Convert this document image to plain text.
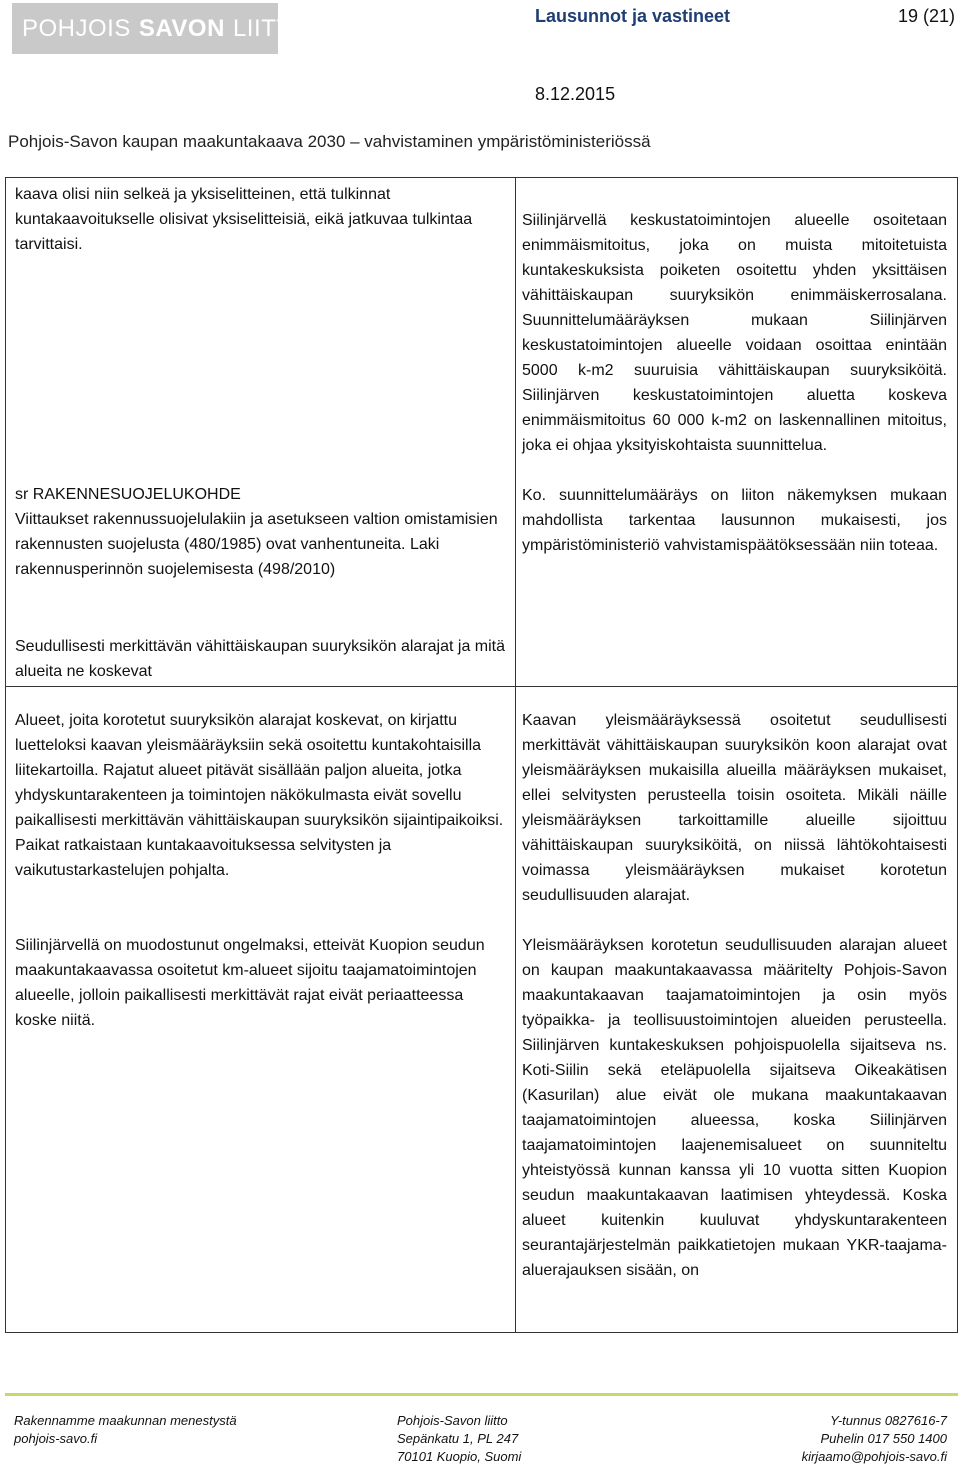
POHJOIS SAVON LIITTO	Lausunnot ja vastineet	19 (21)
8.12.2015
Pohjois-Savon kaupan maakuntakaava 2030 – vahvistaminen ympäristöministeriössä

kaava olisi niin selkeä ja yksiselitteinen, että tulkinnat kuntakaavoitukselle olisivat yksiselitteisiä, eikä jatkuvaa tulkintaa tarvittaisi.

sr RAKENNESUOJELUKOHDE

Viittaukset rakennussuojelulakiin ja asetukseen valtion omistamisien rakennusten suojelusta (480/1985) ovat vanhentuneita. Laki rakennusperinnön suojelemisesta (498/2010)

Siilinjärvellä keskustatoimintojen alueelle osoitetaan enimmäismitoitus, joka on muista mitoitetuista kuntakeskuksista poiketen osoitettu yhden yksittäisen vähittäiskaupan suuryksikön enimmäiskerrosalana. Suunnittelumääräyksen mukaan Siilinjärven keskustatoimintojen alueelle voidaan osoittaa enintään 5000 k-m2 suuruisia vähittäiskaupan suuryksiköitä. Siilinjärven keskustatoimintojen aluetta koskeva enimmäismitoitus 60 000 k-m2 on laskennallinen mitoitus, joka ei ohjaa yksityiskohtaista suunnittelua.

Ko. suunnittelumääräys on liiton näkemyksen mukaan mahdollista tarkentaa lausunnon mukaisesti, jos ympäristöministeriö vahvistamispäätöksessään niin toteaa.

Seudullisesti merkittävän vähittäiskaupan suuryksikön alarajat ja mitä alueita ne koskevat

Alueet, joita korotetut suuryksikön alarajat koskevat, on kirjattu luetteloksi kaavan yleismääräyksiin sekä osoitettu kuntakohtaisilla liitekartoilla. Rajatut alueet pitävät sisällään paljon alueita, jotka yhdyskuntarakenteen ja toimintojen näkökulmasta eivät sovellu paikallisesti merkittävän vähittäiskaupan suuryksikön sijaintipaikoiksi. Paikat ratkaistaan kuntakaavoituksessa selvitysten ja vaikutustarkastelujen pohjalta.

Siilinjärvellä on muodostunut ongelmaksi, etteivät Kuopion seudun maakuntakaavassa osoitetut km-alueet sijoitu taajamatoimintojen alueelle, jolloin paikallisesti merkittävät rajat eivät periaatteessa koske niitä.

Kaavan yleismääräyksessä osoitetut seudullisesti merkittävät vähittäiskaupan suuryksikön koon alarajat ovat yleismääräyksen mukaisilla alueilla määräyksen mukaiset, ellei selvitysten perusteella toisin osoiteta. Mikäli näille yleismääräyksen tarkoittamille alueille sijoittuu vähittäiskaupan suuryksiköitä, on niissä lähtökohtaisesti voimassa yleismääräyksen mukaiset korotetun seudullisuuden alarajat.

Yleismääräyksen korotetun seudullisuuden alarajan alueet on kaupan maakuntakaavassa määritelty Pohjois-Savon maakuntakaavan taajamatoimintojen ja osin myös työpaikka- ja teollisuustoimintojen alueiden perusteella. Siilinjärven kuntakeskuksen pohjoispuolella sijaitseva ns. Koti-Siilin sekä eteläpuolella sijaitseva Oikeakätisen (Kasurilan) alue eivät ole mukana maakuntakaavan taajamatoimintojen alueessa, koska Siilinjärven taajamatoimintojen laajenemisalueet on suunniteltu yhteistyössä kunnan kanssa yli 10 vuotta sitten Kuopion seudun maakuntakaavan laatimisen yhteydessä. Koska alueet kuitenkin kuuluvat yhdyskuntarakenteen seurantajärjestelmän paikkatietojen mukaan YKR-taajama-aluerajauksen sisään, on

Rakennamme maakunnan menestystä
pohjois-savo.fi
Pohjois-Savon liitto
Sepänkatu 1, PL 247
70101 Kuopio, Suomi
Y-tunnus 0827616-7
Puhelin 017 550 1400
kirjaamo@pohjois-savo.fi
